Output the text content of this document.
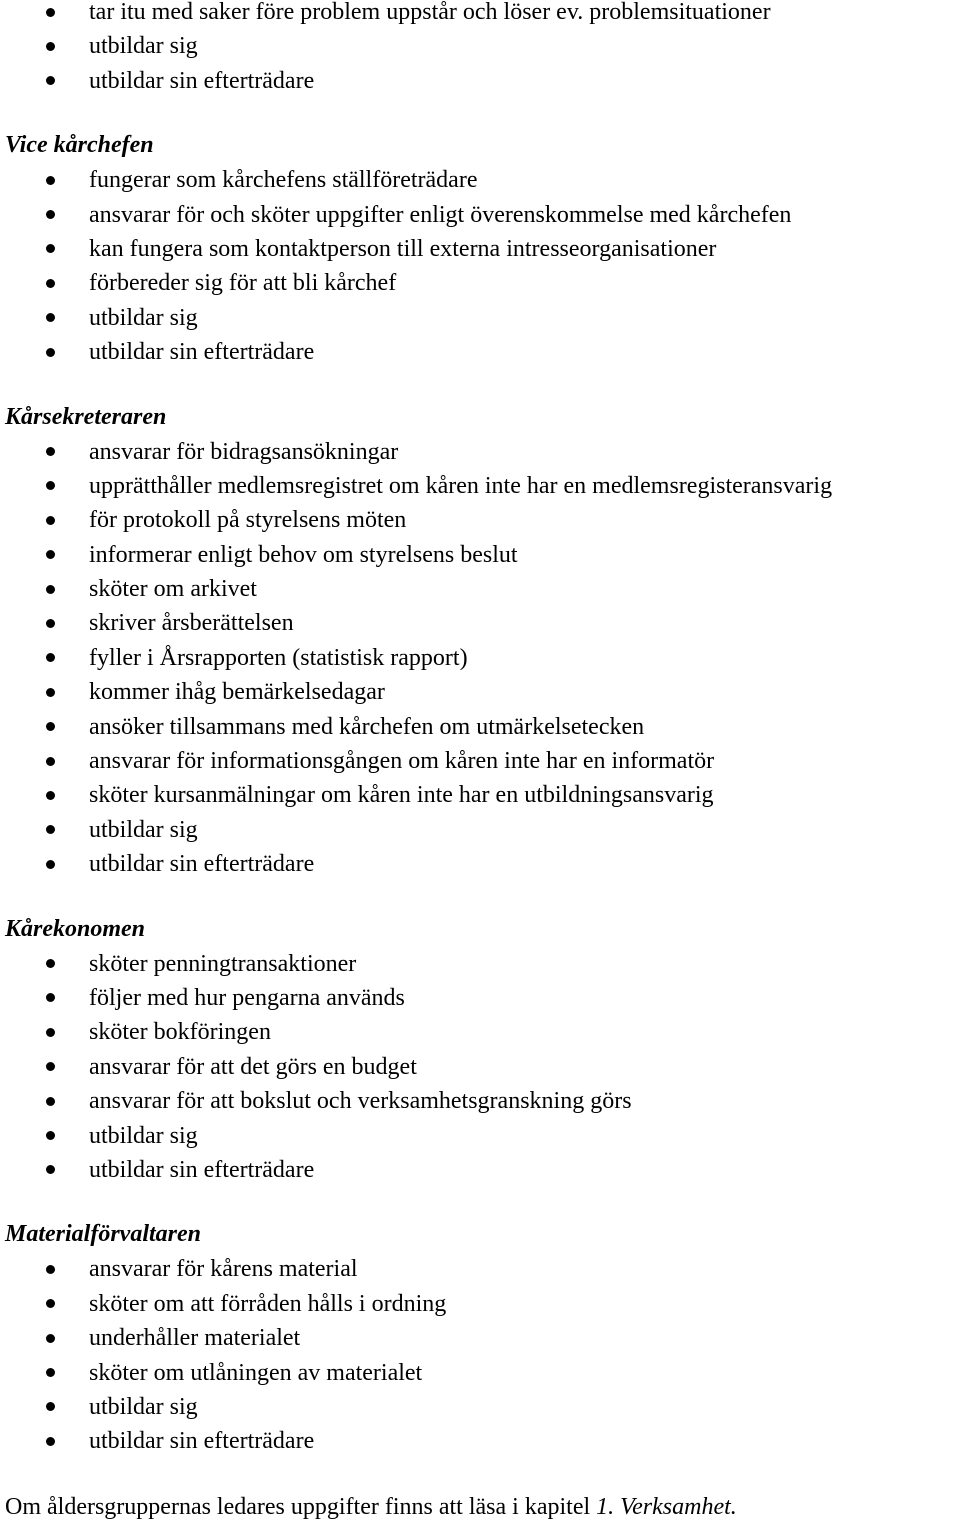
tar itu med saker före problem uppstår och löser ev. problemsituationer
utbildar sig
utbildar sin efterträdare
Vice kårchefen
fungerar som kårchefens ställföreträdare
ansvarar för och sköter uppgifter enligt överenskommelse med kårchefen
kan fungera som kontaktperson till externa intresseorganisationer
förbereder sig för att bli kårchef
utbildar sig
utbildar sin efterträdare
Kårsekreteraren
ansvarar för bidragsansökningar
upprätthåller medlemsregistret om kåren inte har en medlemsregisteransvarig
för protokoll på styrelsens möten
informerar enligt behov om styrelsens beslut
sköter om arkivet
skriver årsberättelsen
fyller i Årsrapporten (statistisk rapport)
kommer ihåg bemärkelsedagar
ansöker tillsammans med kårchefen om utmärkelsetecken
ansvarar för informationsgången om kåren inte har en informatör
sköter kursanmälningar om kåren inte har en utbildningsansvarig
utbildar sig
utbildar sin efterträdare
Kårekonomen
sköter penningtransaktioner
följer med hur pengarna används
sköter bokföringen
ansvarar för att det görs en budget
ansvarar för att bokslut och verksamhetsgranskning görs
utbildar sig
utbildar sin efterträdare
Materialförvaltaren
ansvarar för kårens material
sköter om att förråden hålls i ordning
underhåller materialet
sköter om utlåningen av materialet
utbildar sig
utbildar sin efterträdare

Om åldersgruppernas ledares uppgifter finns att läsa i kapitel 1. Verksamhet.
